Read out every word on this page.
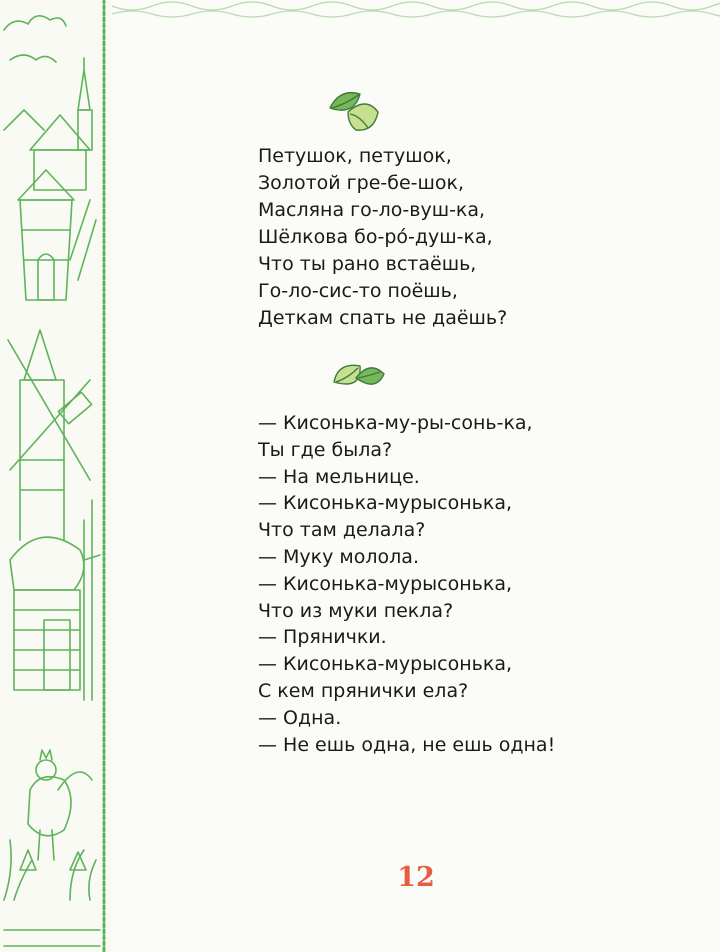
Петушок, петушок,
Золотой гре-бе-шок,
Масляна го-ло-вуш-ка,
Шёлкова бо-ро́-душ-ка,
Что ты рано встаёшь,
Го-ло-сис-то поёшь,
Деткам спать не даёшь?
— Кисонька-му-ры-сонь-ка,
Ты где была?
— На мельнице.
— Кисонька-мурысонька,
Что там делала?
— Муку молола.
— Кисонька-мурысонька,
Что из муки пекла?
— Прянички.
— Кисонька-мурысонька,
С кем прянички ела?
— Одна.
— Не ешь одна, не ешь одна!
12
